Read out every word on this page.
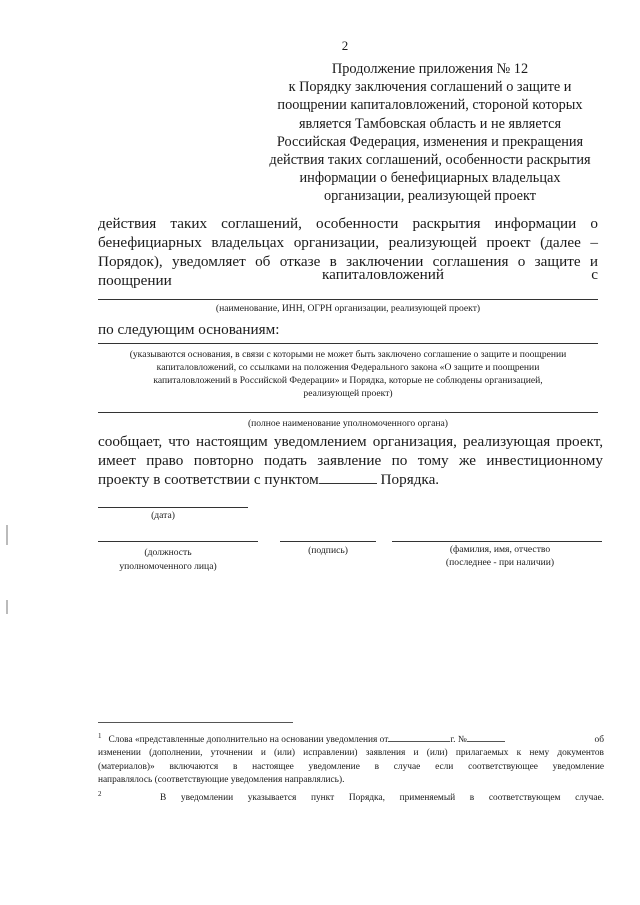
2
Продолжение приложения № 12
к Порядку заключения соглашений о защите и
поощрении капиталовложений, стороной которых
является Тамбовская область и не является
Российская Федерация, изменения и прекращения
действия таких соглашений, особенности раскрытия
информации о бенефициарных владельцах
организации, реализующей проект
действия таких соглашений, особенности раскрытия информации о
бенефициарных владельцах организации, реализующей проект (далее –
Порядок), уведомляет об отказе в заключении соглашения о защите и
поощрении	капиталовложений	с
(наименование, ИНН, ОГРН организации, реализующей проект)
по следующим основаниям:
(указываются основания, в связи с которыми не может быть заключено соглашение о защите и поощрении
капиталовложений, со ссылками на положения Федерального закона «О защите и поощрении
капиталовложений в Российской Федерации» и Порядка, которые не соблюдены организацией,
реализующей проект)
(полное наименование уполномоченного органа)
сообщает, что настоящим уведомлением организация, реализующая проект,
имеет право повторно подать заявление по тому же инвестиционному
проекту в соответствии с пунктом	Порядка.
(дата)
(должность
уполномоченного лица)
(подпись)	(фамилия, имя, отчество
(последнее - при наличии)
$^1$ Слова «представленные дополнительно на основании уведомления от	г. №	об
изменении (дополнении, уточнении и (или) исправлении) заявления и (или) прилагаемых к нему документов
(материалов)» включаются в настоящее уведомление в случае если соответствующее уведомление
направлялось (соответствующие уведомления направлялись).
$^2$	В уведомлении указывается пункт Порядка, применяемый в соответствующем случае.
